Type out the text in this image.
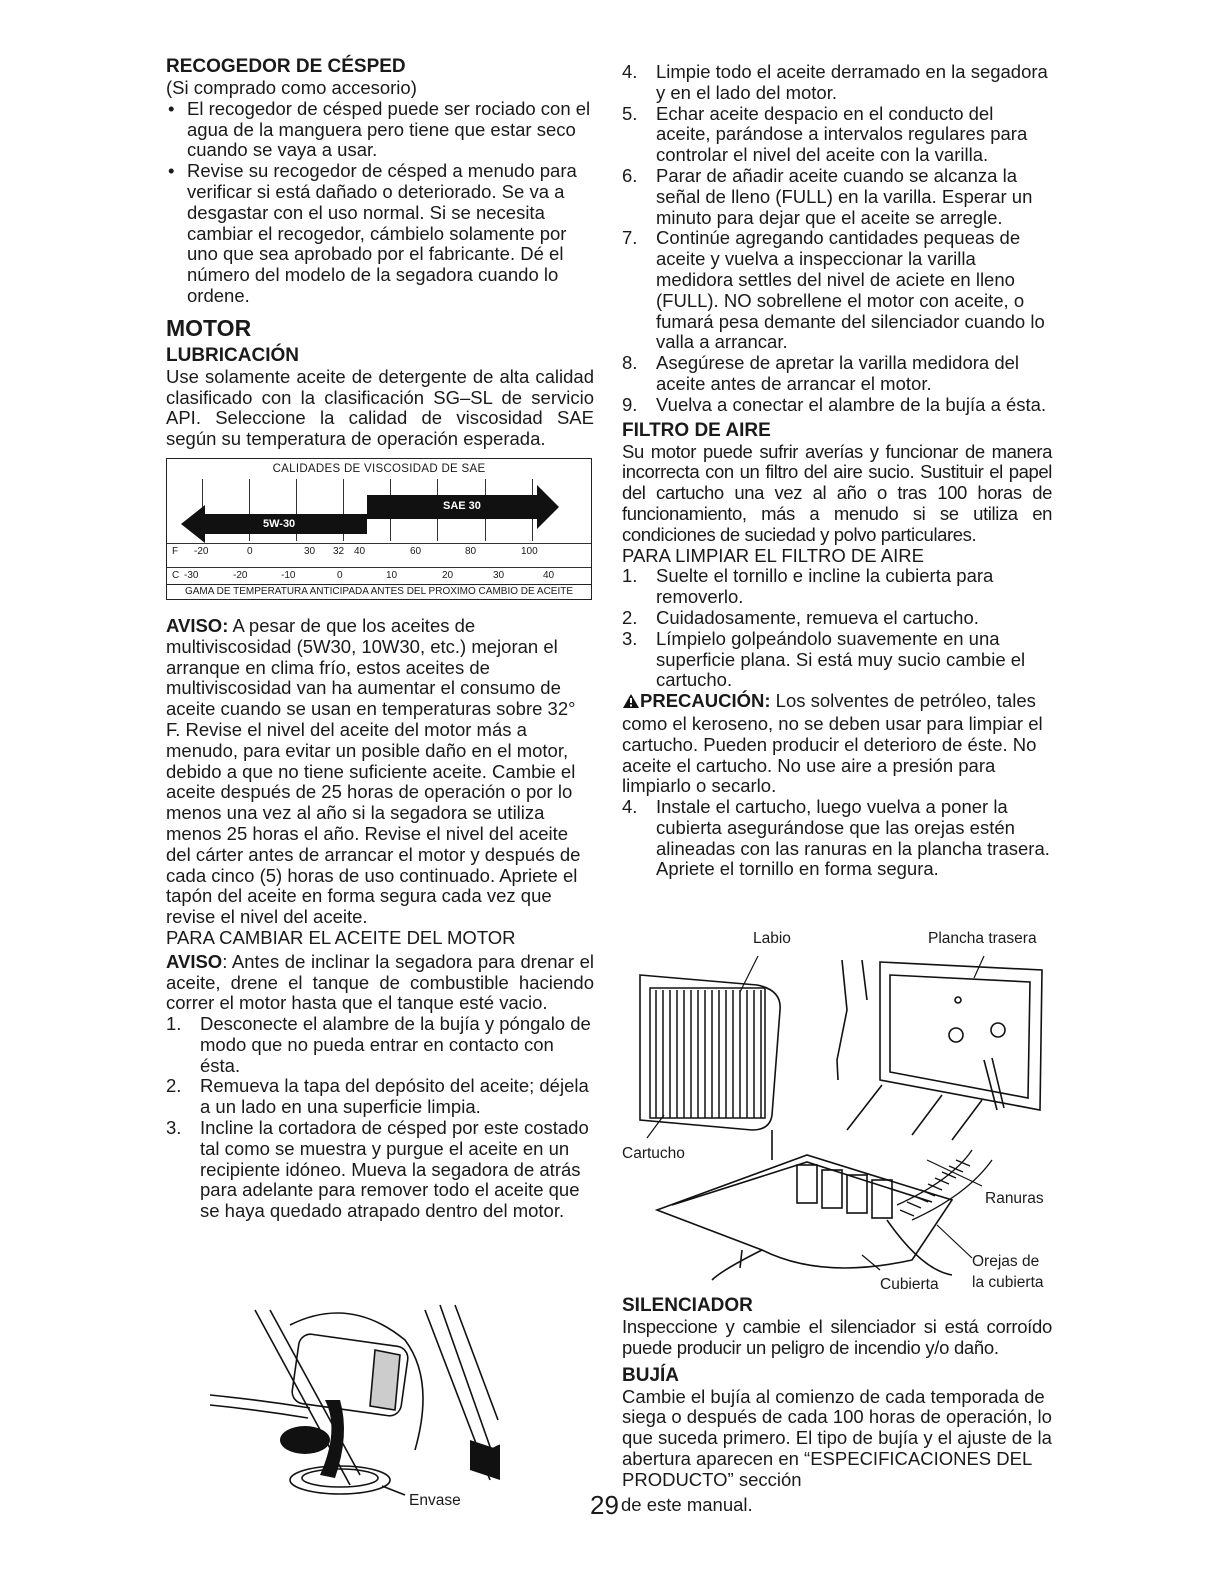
RECOGEDOR DE CÉSPED

(Si comprado como accesorio)

• El recogedor de césped puede ser rociado con el agua de la manguera pero tiene que estar seco cuando se vaya a usar.
• Revise su recogedor de césped a menudo para verificar si está dañado o deteriorado. Se va a desgastar con el uso normal. Si se necesita cambiar el recogedor, cámbielo solamente por uno que sea aprobado por el fabricante. Dé el número del modelo de la segadora cuando lo ordene.
MOTOR
LUBRICACIÓN

Use solamente aceite de detergente de alta calidad clasificado con la clasificación SG–SL de servicio API. Seleccione la calidad de viscosidad SAE según su temperatura de operación esperada.

CALIDADES DE VISCOSIDAD DE SAE
SAE 30
5W-30
F -20	0	30 32 40	60	80	100
C -30	-20	-10	0	10	20	30	40
GAMA DE TEMPERATURA ANTICIPADA ANTES DEL PROXIMO CAMBIO DE ACEITE

AVISO: A pesar de que los aceites de multiviscosidad (5W30, 10W30, etc.) mejoran el arranque en clima frío, estos aceites de multiviscosidad van ha aumentar el consumo de aceite cuando se usan en temperaturas sobre 32° F. Revise el nivel del aceite del motor más a menudo, para evitar un posible daño en el motor, debido a que no tiene suficiente aceite. Cambie el aceite después de 25 horas de operación o por lo menos una vez al año si la segadora se utiliza menos 25 horas el año. Revise el nivel del aceite del cárter antes de arrancar el motor y después de cada cinco (5) horas de uso continuado. Apriete el tapón del aceite en forma segura cada vez que revise el nivel del aceite.

PARA CAMBIAR EL ACEITE DEL MOTOR

AVISO: Antes de inclinar la segadora para drenar el aceite, drene el tanque de combustible haciendo correr el motor hasta que el tanque esté vacio.

1. Desconecte el alambre de la bujía y póngalo de modo que no pueda entrar en contacto con ésta.
2. Remueva la tapa del depósito del aceite; déjela a un lado en una superficie limpia.
3. Incline la cortadora de césped por este costado tal como se muestra y purgue el aceite en un recipiente idóneo. Mueva la segadora de atrás para adelante para remover todo el aceite que se haya quedado atrapado dentro del motor.
Envase
4. Limpie todo el aceite derramado en la segadora y en el lado del motor.
5. Echar aceite despacio en el conducto del aceite, parándose a intervalos regulares para controlar el nivel del aceite con la varilla.
6. Parar de añadir aceite cuando se alcanza la señal de lleno (FULL) en la varilla. Esperar un minuto para dejar que el aceite se arregle.
7. Continúe agregando cantidades pequeas de aceite y vuelva a inspeccionar la varilla medidora settles del nivel de aciete en lleno (FULL). NO sobrellene el motor con aceite, o fumará pesa demante del silenciador cuando lo valla a arrancar.
8. Asegúrese de apretar la varilla medidora del aceite antes de arrancar el motor.
9. Vuelva a conectar el alambre de la bujía a ésta.
FILTRO DE AIRE

Su motor puede sufrir averías y funcionar de manera incorrecta con un filtro del aire sucio. Sustituir el papel del cartucho una vez al año o tras 100 horas de funcionamiento, más a menudo si se utiliza en condiciones de suciedad y polvo particulares.

PARA LIMPIAR EL FILTRO DE AIRE

1. Suelte el tornillo e incline la cubierta para removerlo.
2. Cuidadosamente, remueva el cartucho.
3. Límpielo golpeándolo suavemente en una superficie plana. Si está muy sucio cambie el cartucho.

PRECAUCIÓN: Los solventes de petróleo, tales como el keroseno, no se deben usar para limpiar el cartucho. Pueden producir el deterioro de éste. No aceite el cartucho. No use aire a presión para limpiarlo o secarlo.

4. Instale el cartucho, luego vuelva a poner la cubierta asegurándose que las orejas estén alineadas con las ranuras en la plancha trasera. Apriete el tornillo en forma segura.
Labio	Plancha trasera
Cartucho
Ranuras
Orejas de
la cubierta
Cubierta
SILENCIADOR

Inspeccione y cambie el silenciador si está corroído puede producir un peligro de incendio y/o daño.

BUJÍA

Cambie el bujía al comienzo de cada temporada de siega o después de cada 100 horas de operación, lo que suceda primero. El tipo de bujía y el ajuste de la abertura aparecen en “ESPECIFICACIONES DEL PRODUCTO” sección

29 de este manual.
